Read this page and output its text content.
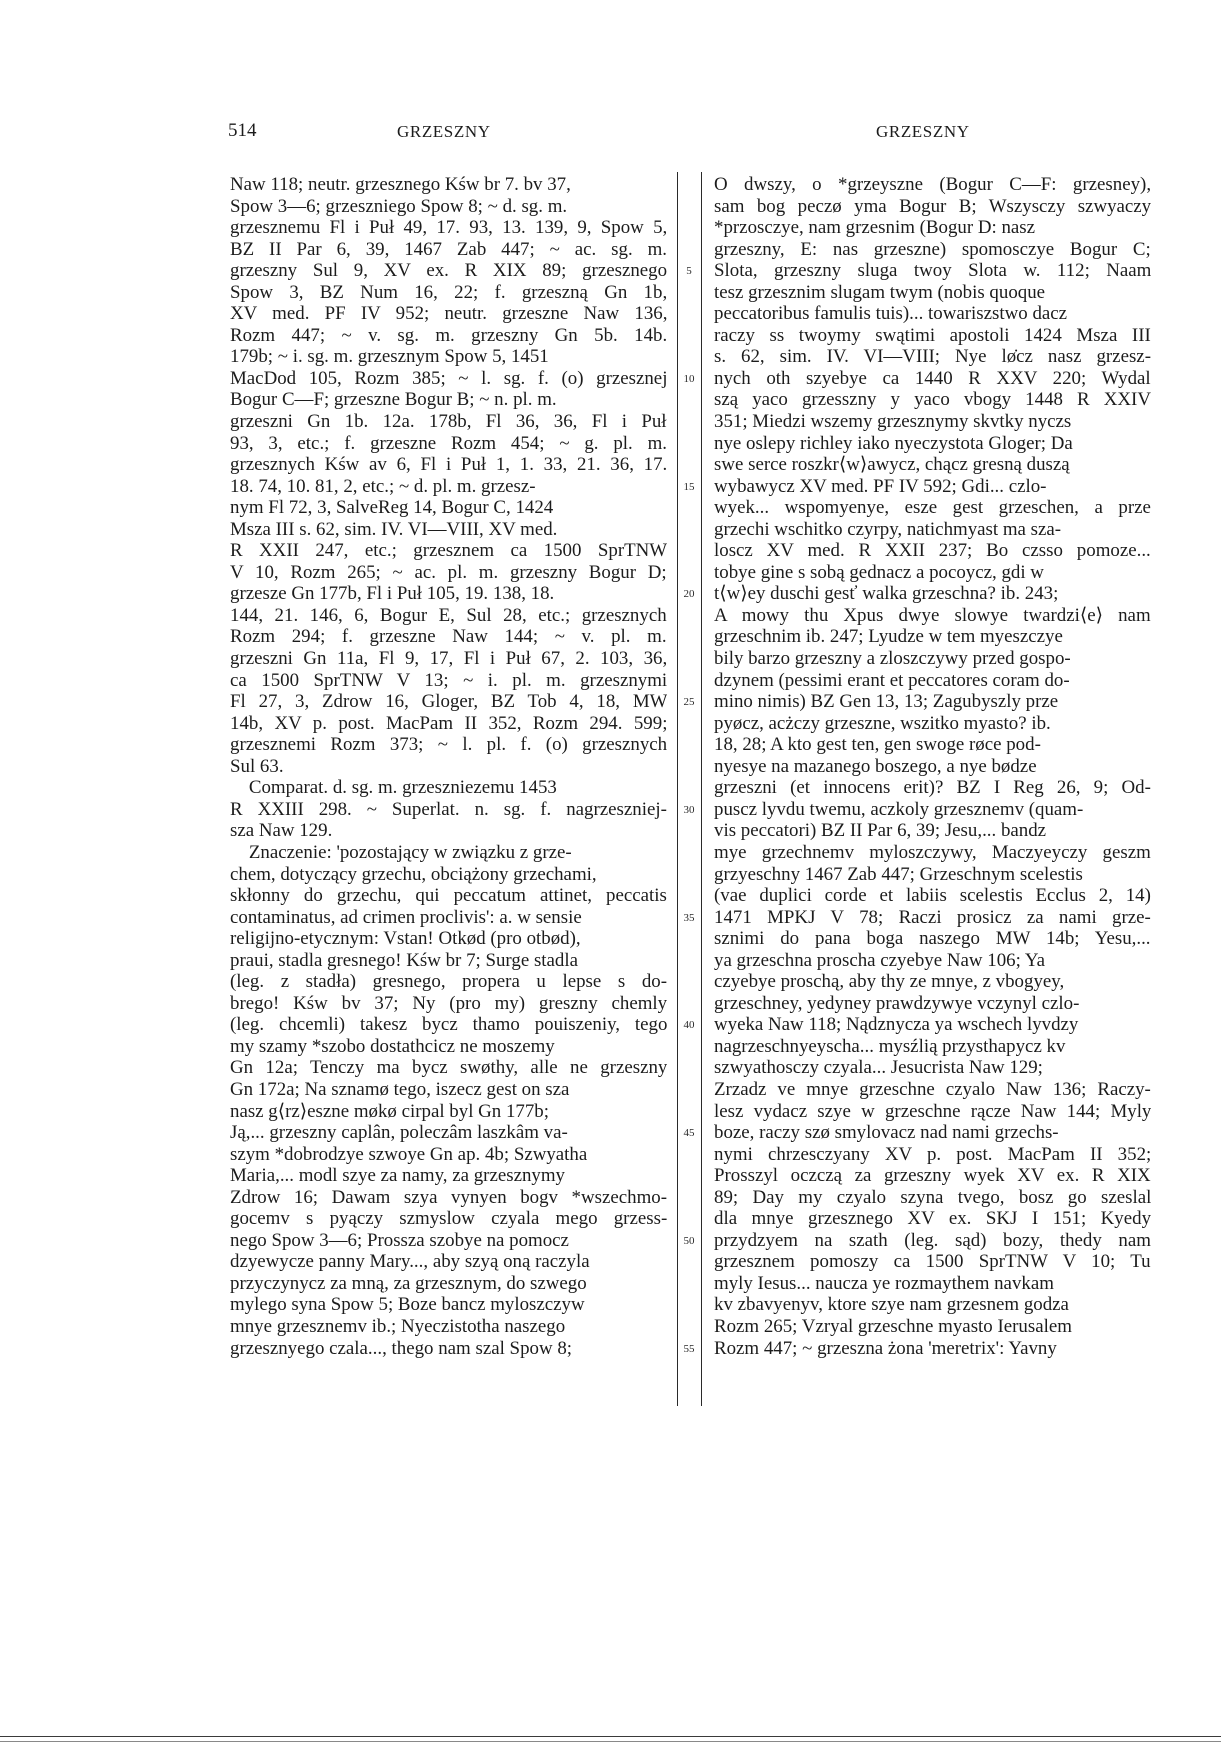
514	GRZESZNY	GRZESZNY
Naw 118; neutr. grzesznego Kśw br 7. bv 37,
Spow 3—6; grzeszniego Spow 8; ~ d. sg. m.
grzesznemu Fl i Puł 49, 17. 93, 13. 139, 9, Spow 5,
BZ II Par 6, 39, 1467 Zab 447; ~ ac. sg. m.
grzeszny Sul 9, XV ex. R XIX 89; grzesznego
Spow 3, BZ Num 16, 22; f. grzeszną Gn 1b,
XV med. PF IV 952; neutr. grzeszne Naw 136,
Rozm 447; ~ v. sg. m. grzeszny Gn 5b. 14b.
179b; ~ i. sg. m. grzesznym Spow 5, 1451
MacDod 105, Rozm 385; ~ l. sg. f. (o) grzesznej
Bogur C—F; grzeszne Bogur B; ~ n. pl. m.
grzeszni Gn 1b. 12a. 178b, Fl 36, 36, Fl i Puł
93, 3, etc.; f. grzeszne Rozm 454; ~ g. pl. m.
grzesznych Kśw av 6, Fl i Puł 1, 1. 33, 21. 36, 17.
18. 74, 10. 81, 2, etc.; ~ d. pl. m. grzesz-
nym Fl 72, 3, SalveReg 14, Bogur C, 1424
Msza III s. 62, sim. IV. VI—VIII, XV med.
R XXII 247, etc.; grzesznem ca 1500 SprTNW
V 10, Rozm 265; ~ ac. pl. m. grzeszny Bogur D;
grzesze Gn 177b, Fl i Puł 105, 19. 138, 18.
144, 21. 146, 6, Bogur E, Sul 28, etc.; grzesznych
Rozm 294; f. grzeszne Naw 144; ~ v. pl. m.
grzeszni Gn 11a, Fl 9, 17, Fl i Puł 67, 2. 103, 36,
ca 1500 SprTNW V 13; ~ i. pl. m. grzesznymi
Fl 27, 3, Zdrow 16, Gloger, BZ Tob 4, 18, MW
14b, XV p. post. MacPam II 352, Rozm 294. 599;
grzesznemi Rozm 373; ~ l. pl. f. (o) grzesznych
Sul 63.
Comparat. d. sg. m. grzeszniezemu 1453
R XXIII 298. ~ Superlat. n. sg. f. nagrzeszniej-
sza Naw 129.
Znaczenie: 'pozostający w związku z grze-
chem, dotyczący grzechu, obciążony grzechami,
skłonny do grzechu, qui peccatum attinet, peccatis
contaminatus, ad crimen proclivis': a. w sensie
religijno-etycznym: Vstan! Otkød (pro otbød),
praui, stadla gresnego! Kśw br 7; Surge stadla
(leg. z stadła) gresnego, propera u lepse s do-
brego! Kśw bv 37; Ny (pro my) greszny chemly
(leg. chcemli) takesz bycz thamo pouiszeniy, tego
my szamy *szobo dostathcicz ne moszemy
Gn 12a; Tenczy ma bycz swøthy, alle ne grzeszny
Gn 172a; Na sznamø tego, iszecz gest on sza
nasz g⟨rz⟩eszne møkø cirpal byl Gn 177b;
Ją,... grzeszny caplân, poleczâm laszkâm va-
szym *dobrodzye szwoye Gn ap. 4b; Szwyatha
Maria,... modl szye za namy, za grzesznymy
Zdrow 16; Dawam szya vynyen bogv *wszechmo-
gocemv s pyączy szmyslow czyala mego grzess-
nego Spow 3—6; Prossza szobye na pomocz
dzyewycze panny Mary..., aby szyą oną raczyla
przyczynycz za mną, za grzesznym, do szwego
mylego syna Spow 5; Boze bancz myloszczyw
mnye grzesznemv ib.; Nyeczistotha naszego
grzesznyego czala..., thego nam szal Spow 8;
5
10
15
20
25
30
35
40
45
50
55
O dwszy, o *grzeyszne (Bogur C—F: grzesney),
sam bog peczø yma Bogur B; Wszysczy szwyaczy
*przosczye, nam grzesnim (Bogur D: nasz
grzeszny, E: nas grzeszne) spomosczye Bogur C;
Slota, grzeszny sluga twoy Slota w. 112; Naam
tesz grzesznim slugam twym (nobis quoque
peccatoribus famulis tuis)... towariszstwo dacz
raczy ss twoymy swątimi apostoli 1424 Msza III
s. 62, sim. IV. VI—VIII; Nye lø̇cz nasz grzesz-
nych oth szyebye ca 1440 R XXV 220; Wydal
szą yaco grzesszny y yaco vbogy 1448 R XXIV
351; Miedzi wszemy grzesznymy skvtky nyczs
nye oslepy richley iako nyeczystota Gloger; Da
swe serce roszkr⟨w⟩awycz, chącz gresną duszą
wybawycz XV med. PF IV 592; Gdi... czlo-
wyek... wspomyenye, esze gest grzeschen, a prze
grzechi wschitko czyrpy, natichmyast ma sza-
loscz XV med. R XXII 237; Bo czsso pomoze...
tobye gine s sobą gednacz a pocoycz, gdi w
t⟨w⟩ey duschi gesť walka grzeschna? ib. 243;
A mowy thu Xpus dwye slowye twardzi⟨e⟩ nam
grzeschnim ib. 247; Lyudze w tem myeszczye
bily barzo grzeszny a zloszczywy przed gospo-
dzynem (pessimi erant et peccatores coram do-
mino nimis) BZ Gen 13, 13; Zagubyszly prze
pyøcz, acżczy grzeszne, wszitko myasto? ib.
18, 28; A kto gest ten, gen swoge røce pod-
nyesye na mazanego boszego, a nye bødze
grzeszni (et innocens erit)? BZ I Reg 26, 9; Od-
puscz lyvdu twemu, aczkoly grzesznemv (quam-
vis peccatori) BZ II Par 6, 39; Jesu,... bandz
mye grzechnemv myloszczywy, Maczyeyczy geszm
grzyeschny 1467 Zab 447; Grzeschnym scelestis
(vae duplici corde et labiis scelestis Ecclus 2, 14)
1471 MPKJ V 78; Raczi prosicz za nami grze-
sznimi do pana boga naszego MW 14b; Yesu,...
ya grzeschna proscha czyebye Naw 106; Ya
czyebye proschą, aby thy ze mnye, z vbogyey,
grzeschney, yedyney prawdzywye vczynyl czlo-
wyeka Naw 118; Nądznycza ya wschech lyvdzy
nagrzeschnyeyscha... mysźlią przysthapycz kv
szwyathosczy czyala... Jesucrista Naw 129;
Zrzadz ve mnye grzeschne czyalo Naw 136; Raczy-
lesz vydacz szye w grzeschne rącze Naw 144; Myly
boze, raczy szø smylovacz nad nami grzechs-
nymi chrzesczyany XV p. post. MacPam II 352;
Prosszyl oczczą za grzeszny wyek XV ex. R XIX
89; Day my czyalo szyna tvego, bosz go szeslal
dla mnye grzesznego XV ex. SKJ I 151; Kyedy
przydzyem na szath (leg. sąd) bozy, thedy nam
grzesznem pomoszy ca 1500 SprTNW V 10; Tu
myly Iesus... naucza ye rozmaythem navkam
kv zbavyenyv, ktore szye nam grzesnem godza
Rozm 265; Vzryal grzeschne myasto Ierusalem
Rozm 447; ~ grzeszna żona 'meretrix': Yavny
